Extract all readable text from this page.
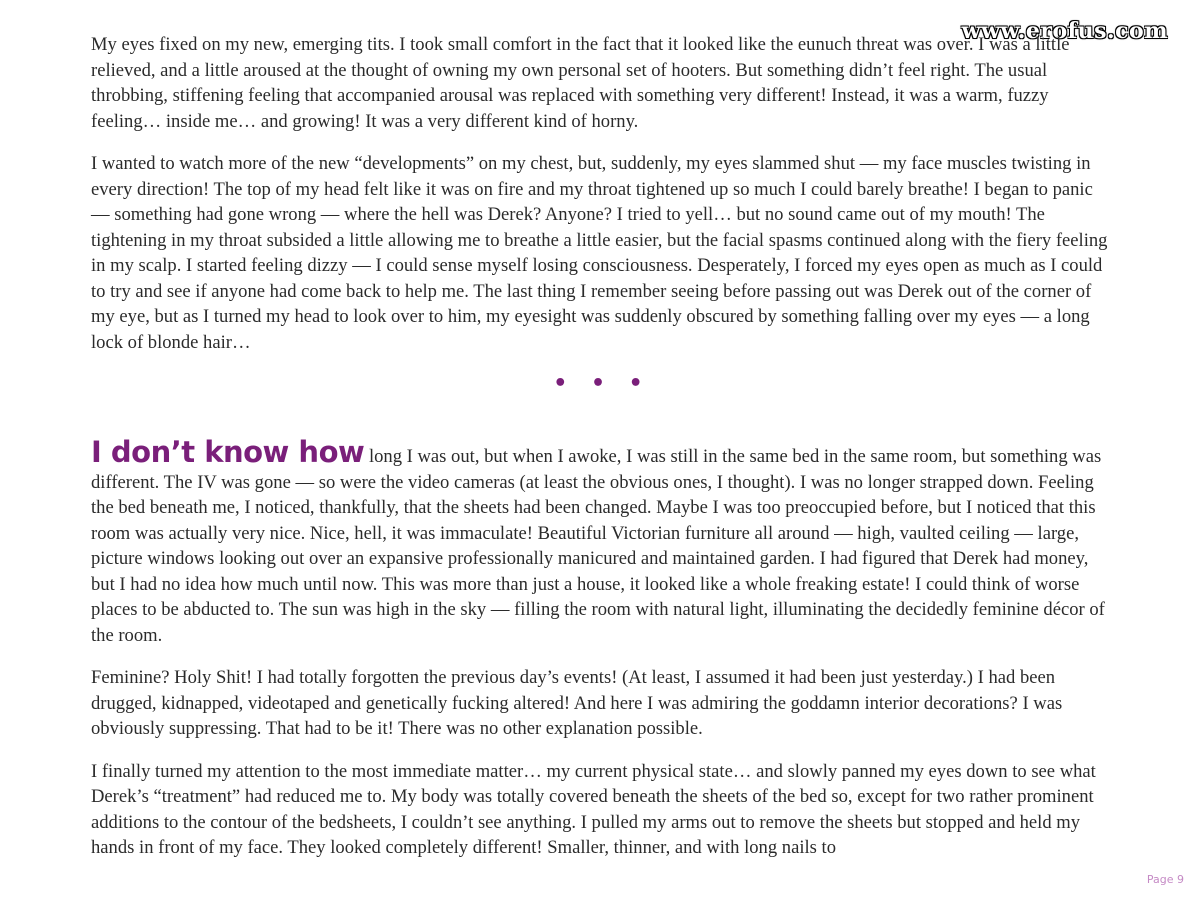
www.erofus.com

My eyes fixed on my new, emerging tits. I took small comfort in the fact that it looked like the eunuch threat was over. I was a little relieved, and a little aroused at the thought of owning my own personal set of hooters. But something didn’t feel right. The usual throbbing, stiffening feeling that accompanied arousal was replaced with something very different! Instead, it was a warm, fuzzy feeling… inside me… and growing! It was a very different kind of horny.

I wanted to watch more of the new “developments” on my chest, but, suddenly, my eyes slammed shut — my face muscles twisting in every direction! The top of my head felt like it was on fire and my throat tightened up so much I could barely breathe! I began to panic — something had gone wrong — where the hell was Derek? Anyone? I tried to yell… but no sound came out of my mouth! The tightening in my throat subsided a little allowing me to breathe a little easier, but the facial spasms continued along with the fiery feeling in my scalp. I started feeling dizzy — I could sense myself losing consciousness. Desperately, I forced my eyes open as much as I could to try and see if anyone had come back to help me. The last thing I remember seeing before passing out was Derek out of the corner of my eye, but as I turned my head to look over to him, my eyesight was suddenly obscured by something falling over my eyes — a long lock of blonde hair…

• • •

I don’t know how long I was out, but when I awoke, I was still in the same bed in the same room, but something was different. The IV was gone — so were the video cameras (at least the obvious ones, I thought). I was no longer strapped down. Feeling the bed beneath me, I noticed, thankfully, that the sheets had been changed. Maybe I was too preoccupied before, but I noticed that this room was actually very nice. Nice, hell, it was immaculate! Beautiful Victorian furniture all around — high, vaulted ceiling — large, picture windows looking out over an expansive professionally manicured and maintained garden. I had figured that Derek had money, but I had no idea how much until now. This was more than just a house, it looked like a whole freaking estate! I could think of worse places to be abducted to. The sun was high in the sky — filling the room with natural light, illuminating the decidedly feminine décor of the room.

Feminine? Holy Shit! I had totally forgotten the previous day’s events! (At least, I assumed it had been just yesterday.) I had been drugged, kidnapped, videotaped and genetically fucking altered! And here I was admiring the goddamn interior decorations? I was obviously suppressing. That had to be it! There was no other explanation possible.

I finally turned my attention to the most immediate matter… my current physical state… and slowly panned my eyes down to see what Derek’s “treatment” had reduced me to. My body was totally covered beneath the sheets of the bed so, except for two rather prominent additions to the contour of the bedsheets, I couldn’t see anything. I pulled my arms out to remove the sheets but stopped and held my hands in front of my face. They looked completely different! Smaller, thinner, and with long nails to

Page 9
